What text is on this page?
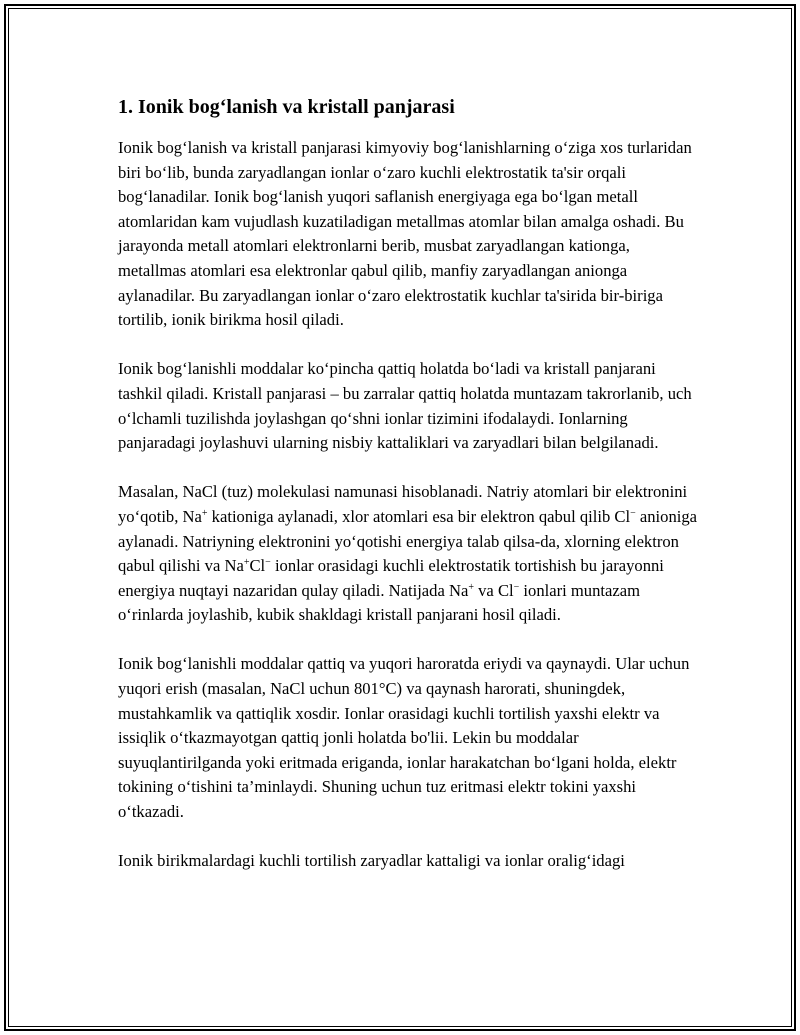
1. Ionik bog‘lanish va kristall panjarasi

Ionik bog‘lanish va kristall panjarasi kimyoviy bog‘lanishlarning o‘ziga xos turlaridan biri bo‘lib, bunda zaryadlangan ionlar o‘zaro kuchli elektrostatik ta'sir orqali bog‘lanadilar. Ionik bog‘lanish yuqori saflanish energiyaga ega bo‘lgan metall atomlaridan kam vujudlash kuzatiladigan metallmas atomlar bilan amalga oshadi. Bu jarayonda metall atomlari elektronlarni berib, musbat zaryadlangan kationga, metallmas atomlari esa elektronlar qabul qilib, manfiy zaryadlangan anionga aylanadilar. Bu zaryadlangan ionlar o‘zaro elektrostatik kuchlar ta'sirida bir-biriga tortilib, ionik birikma hosil qiladi.

Ionik bog‘lanishli moddalar ko‘pincha qattiq holatda bo‘ladi va kristall panjarani tashkil qiladi. Kristall panjarasi – bu zarralar qattiq holatda muntazam takrorlanib, uch o‘lchamli tuzilishda joylashgan qo‘shni ionlar tizimini ifodalaydi. Ionlarning panjaradagi joylashuvi ularning nisbiy kattaliklari va zaryadlari bilan belgilanadi.

Masalan, NaCl (tuz) molekulasi namunasi hisoblanadi. Natriy atomlari bir elektronini yo‘qotib, Na+ kationiga aylanadi, xlor atomlari esa bir elektron qabul qilib Cl− anioniga aylanadi. Natriyning elektronini yo‘qotishi energiya talab qilsa-da, xlorning elektron qabul qilishi va Na+Cl− ionlar orasidagi kuchli elektrostatik tortishish bu jarayonni energiya nuqtayi nazaridan qulay qiladi. Natijada Na+ va Cl− ionlari muntazam o‘rinlarda joylashib, kubik shakldagi kristall panjarani hosil qiladi.

Ionik bog‘lanishli moddalar qattiq va yuqori haroratda eriydi va qaynaydi. Ular uchun yuqori erish (masalan, NaCl uchun 801°C) va qaynash harorati, shuningdek, mustahkamlik va qattiqlik xosdir. Ionlar orasidagi kuchli tortilish yaxshi elektr va issiqlik o‘tkazmayotgan qattiq jonli holatda bo'lii. Lekin bu moddalar suyuqlantirilganda yoki eritmada eriganda, ionlar harakatchan bo‘lgani holda, elektr tokining o‘tishini ta’minlaydi. Shuning uchun tuz eritmasi elektr tokini yaxshi o‘tkazadi.

Ionik birikmalardagi kuchli tortilish zaryadlar kattaligi va ionlar oralig‘idagi
